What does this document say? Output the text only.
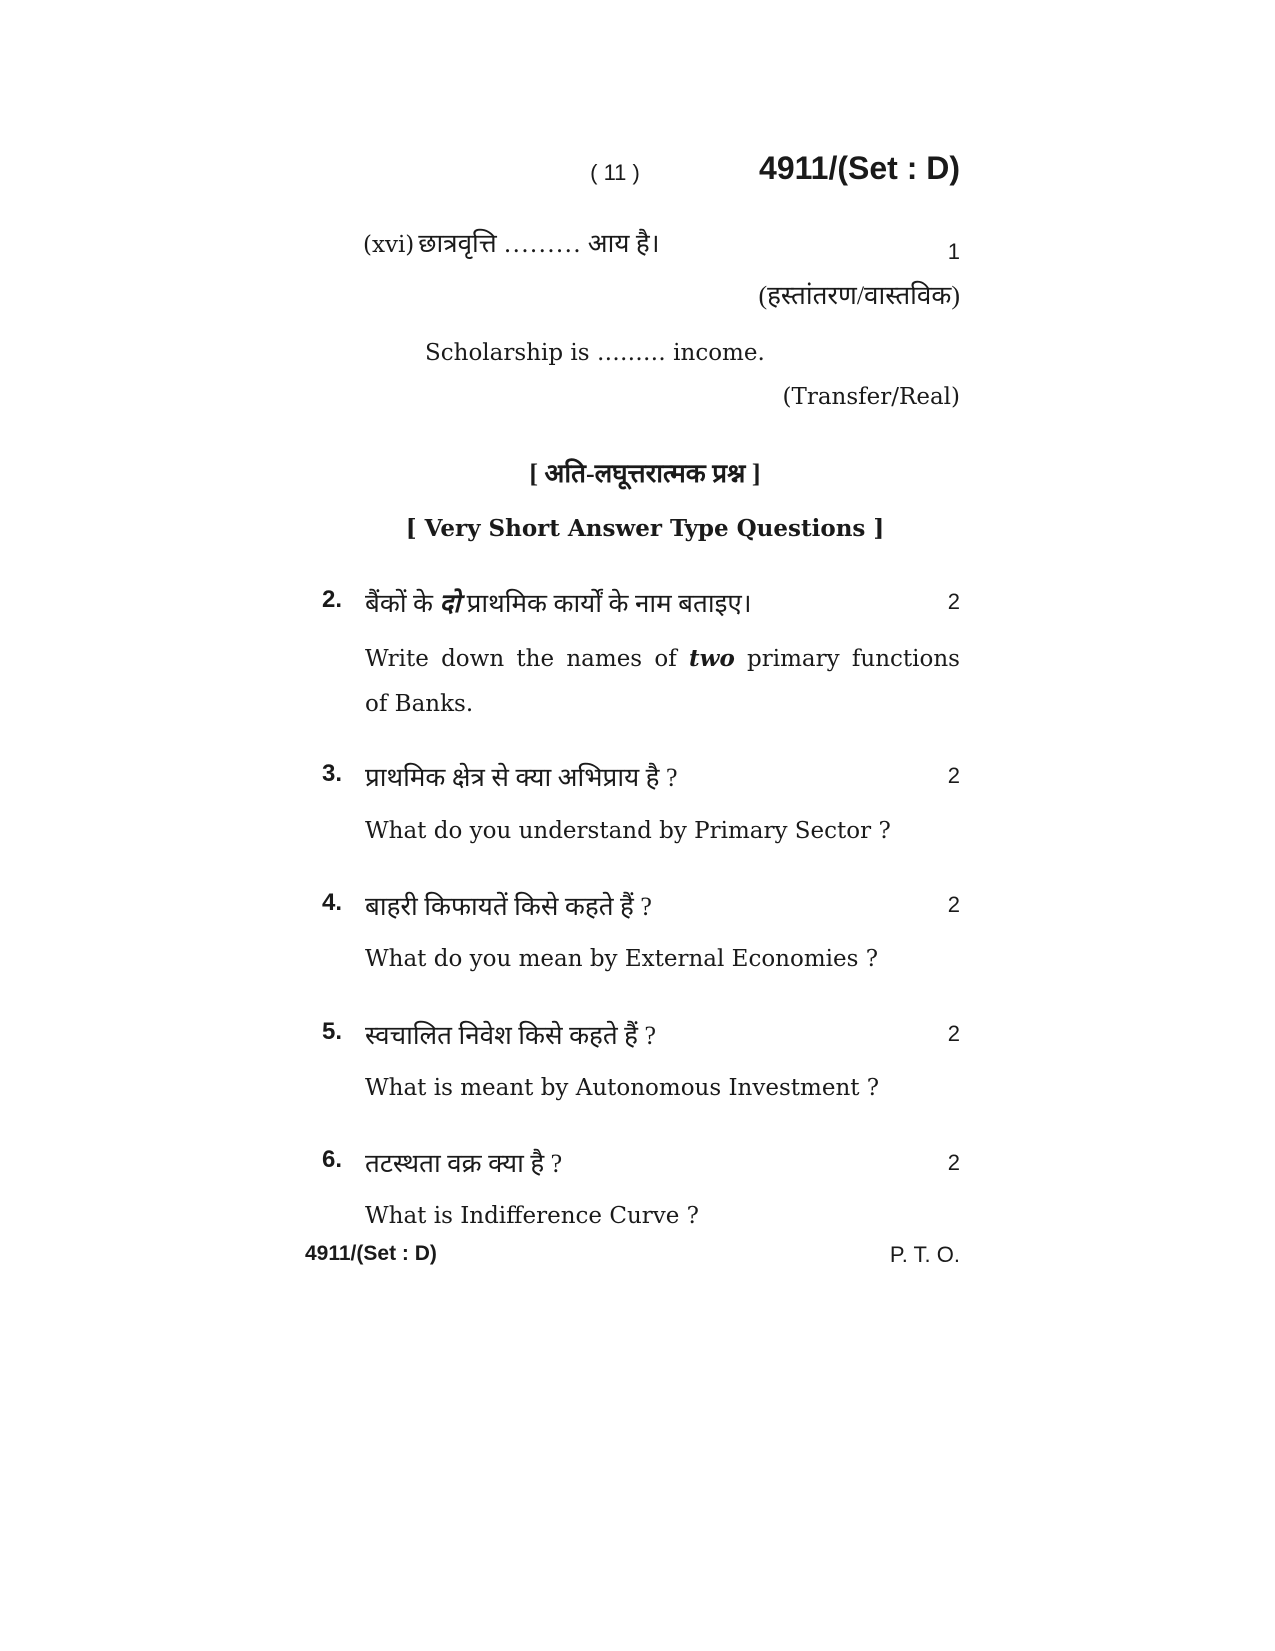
( 11 )	4911/(Set : D)
(xvi) छात्रवृत्ति ……… आय है।	1
(हस्तांतरण/वास्तविक)
Scholarship is ……… income.
(Transfer/Real)
[ अति-लघूत्तरात्मक प्रश्न ]
[ Very Short Answer Type Questions ]
2. बैंकों के दो प्राथमिक कार्यों के नाम बताइए।	2
Write down the names of two primary functions
of Banks.
3. प्राथमिक क्षेत्र से क्या अभिप्राय है ?	2
What do you understand by Primary Sector ?
4. बाहरी किफायतें किसे कहते हैं ?	2
What do you mean by External Economies ?
5. स्वचालित निवेश किसे कहते हैं ?	2
What is meant by Autonomous Investment ?
6. तटस्थता वक्र क्या है ?	2
What is Indifference Curve ?
4911/(Set : D)	P. T. O.
